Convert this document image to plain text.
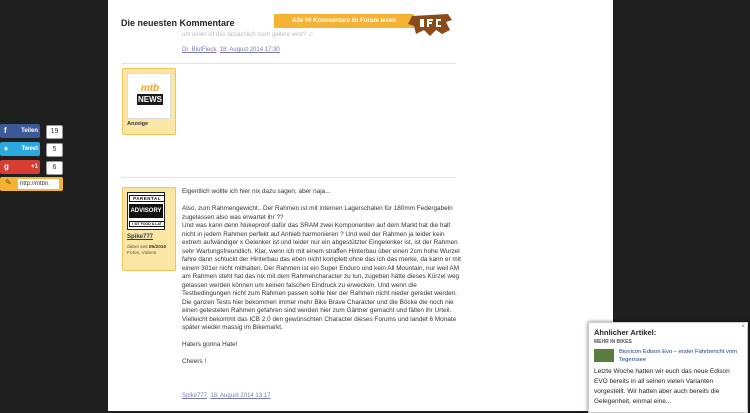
f Teilen	19
♦ Tweet	5
g	+1	6
✎
http://mtbn.
Die neuesten Kommentare	Alle 59 Kommentare im Forum lesen
um einen ist das tatsächlich noch geilere wird? ☺
Dr_BlutFleck, 18. August 2014 17:30
mtb
NEWS
Anzeige
PARENTAL
ADVISORY
I SIT FOOD & LAT
Spike777
dabei seit 05/2010
Fotos, Videos

Eigentlich wollte ich hier nix dazu sagen, aber naja...

Also, zum Rahmengewicht.. Der Rahmen ist mit internen Lagerschalen für 180mm Federgabeln zugelassen also was erwartet ihr ??

Und was kann denn Nukeproof dafür das SRAM zwei Komponenten auf dem Markt hat die halt nicht in jedem Rahmen perfekt auf Anhieb harmonieren ? Und weil der Rahmen ja leider kein extrem aufwändiger x Gelenker ist und leider nur ein abgestützter Eingelenker ist, ist der Rahmen sehr Wartungsfreundlich. Klar, wenn ich mit einem straffen Hinterbau über einen 2cm hohe Wurzel fahre dann schluckt der Hinterbau das eben nicht komplett ohne das ich das merke, da kann er mit einem 301er nicht mithalten. Der Rahmen ist ein Super Enduro und kein All Mountain, nur weil AM am Rahmen steht hat das nix mit dem Rahmencharacter zu tun, zugeben hätte dieses Kürzel weg gelassen werden können um keinen falschen Eindruck zu erwecken. Und wenn die Testbedingungen nicht zum Rahmen passen sollte hier der Rahmen nicht nieder geredet werden. Die ganzen Tests hier bekommen immer mehr Bike Brave Character und die Böcke die noch nie einen getesteten Rahmen gefahren sind werden hier zum Gärtner gemacht und fällen ihr Urteil. Vielleicht bekommt das ICB 2.0 den gewünschten Character dieses Forums und landet 6 Monate später wieder massig im Bikemarkt.

Haters gonna Hate!

Cheers !

Spike777, 18. August 2014 13:17
×
Ähnlicher Artikel:
MEHR IN BIKES
Bionicon Edison Evo – erster Fahrbericht vom Tegernsee
Letzte Woche hatten wir euch das neue Edison EVO bereits in all seinen vielen Varianten vorgestellt. Wir hatten aber auch bereits die Gelegenheit, einmal eine...
